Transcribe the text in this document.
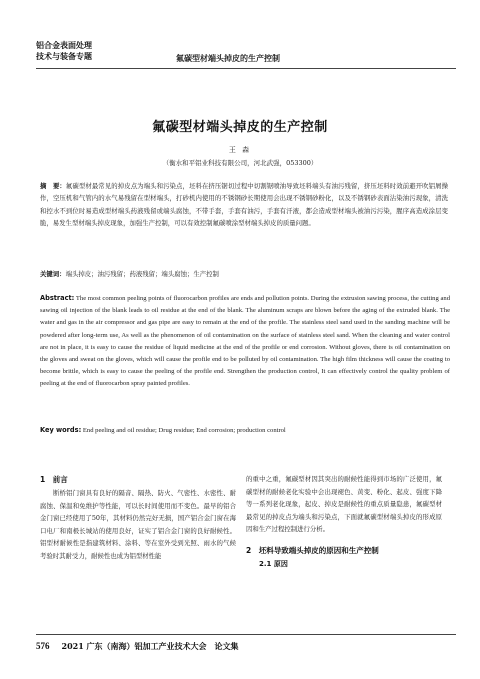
铝合金表面处理
技术与装备专题	氟碳型材端头掉皮的生产控制
氟碳型材端头掉皮的生产控制
王 森
（衡水和平铝业科技有限公司，河北武强，053300）
摘　要：氟碳型材最常见的掉皮点为端头和污染点，坯料在挤压锯切过程中切割锯喷油导致坯料端头有油污残留，挤压坯料时效前避开吹铝屑操作，空压机和气管内的水气易残留在型材端头，打砂机内使用的不锈钢砂长期使用会出现不锈钢砂粉化，以及不锈钢砂表面沾染油污现象，清洗和控水不到位时易造成型材端头药液残留或端头腐蚀，不带手套，手套有油污，手套有汗液，都会造成型材端头被油污污染，腥序高造成涂层变脆，易发生型材端头掉皮现象，加强生产控制，可以有效控制氟碳喷涂型材端头掉皮的质量问题。
关键词：端头掉皮；油污残留；药液残留；端头腐蚀；生产控制
Abstract: The most common peeling points of fluorocarbon profiles are ends and pollution points. During the extrusion sawing process, the cutting and sawing oil injection of the blank leads to oil residue at the end of the blank. The aluminum scraps are blown before the aging of the extruded blank. The water and gas in the air compressor and gas pipe are easy to remain at the end of the profile. The stainless steel sand used in the sanding machine will be powdered after long-term use, As well as the phenomenon of oil contamination on the surface of stainless steel sand. When the cleaning and water control are not in place, it is easy to cause the residue of liquid medicine at the end of the profile or end corrosion. Without gloves, there is oil contamination on the gloves and sweat on the gloves, which will cause the profile end to be polluted by oil contamination. The high film thickness will cause the coating to become brittle, which is easy to cause the peeling of the profile end. Strengthen the production control, It can effectively control the quality problem of peeling at the end of fluorocarbon spray painted profiles.
Key words: End peeling and oil residue; Drug residue; End corrosion; production control
1　前言
断桥铝门窗具有良好的隔音、隔热、防火、气密性、水密性、耐腐蚀、保温和免维护等性能，可以长时间使用而不变色。最早的铝合金门窗已经使用了50年，其材料仍然完好无损，国产铝合金门窗在海口电厂和南极长城站的使用良好，证实了铝合金门窗的良好耐候性。铝型材耐候性是指建筑材料、涂料、等在室外受到光照、雨水的气候考验时其耐受力，耐候性也成为铝型材性能
的重中之重，氟碳型材因其突出的耐候性能得到市场的广泛使用，氟碳型材的耐候老化实验中会出现褪色、黄变、粉化、起皮、强度下降等一系列老化现象，起皮、掉皮是耐候性的重点质量隐患，氟碳型材最常见的掉皮点为端头和污染点，下面就氟碳型材端头掉皮的形成原因和生产过程控制进行分析。
2　坯料导致端头掉皮的原因和生产控制
2.1 原因
576 2021 广东（南海）铝加工产业技术大会　论文集
